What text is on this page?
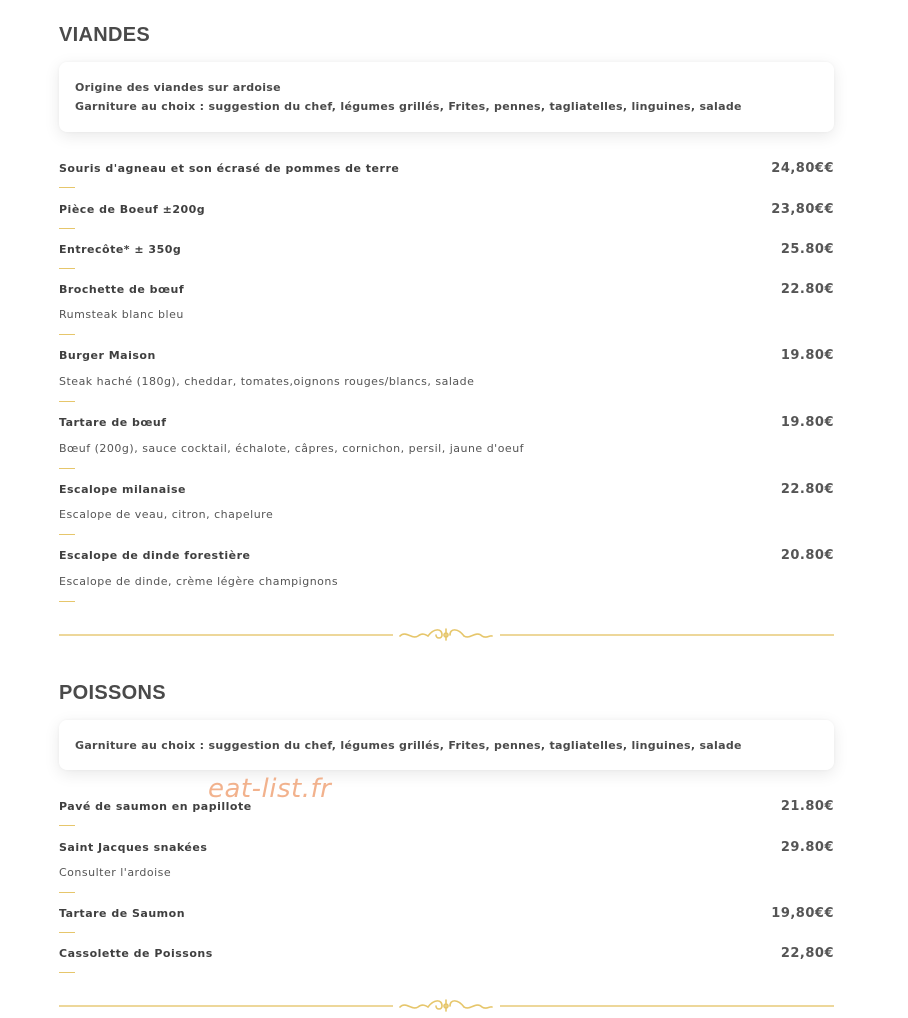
VIANDES
Origine des viandes sur ardoise
Garniture au choix : suggestion du chef, légumes grillés, Frites, pennes, tagliatelles, linguines, salade
Souris d'agneau et son écrasé de pommes de terre	24,80€€
Pièce de Boeuf ±200g	23,80€€
Entrecôte* ± 350g	25.80€
Brochette de bœuf	22.80€
Rumsteak blanc bleu
Burger Maison	19.80€
Steak haché (180g), cheddar, tomates,oignons rouges/blancs, salade
Tartare de bœuf	19.80€
Bœuf (200g), sauce cocktail, échalote, câpres, cornichon, persil, jaune d'oeuf
Escalope milanaise	22.80€
Escalope de veau, citron, chapelure
Escalope de dinde forestière	20.80€
Escalope de dinde, crème légère champignons
POISSONS
Garniture au choix : suggestion du chef, légumes grillés, Frites, pennes, tagliatelles, linguines, salade
Pavé de saumon en papillote	21.80€
Saint Jacques snakées	29.80€
Consulter l'ardoise
Tartare de Saumon	19,80€€
Cassolette de Poissons	22,80€
eat-list.fr
